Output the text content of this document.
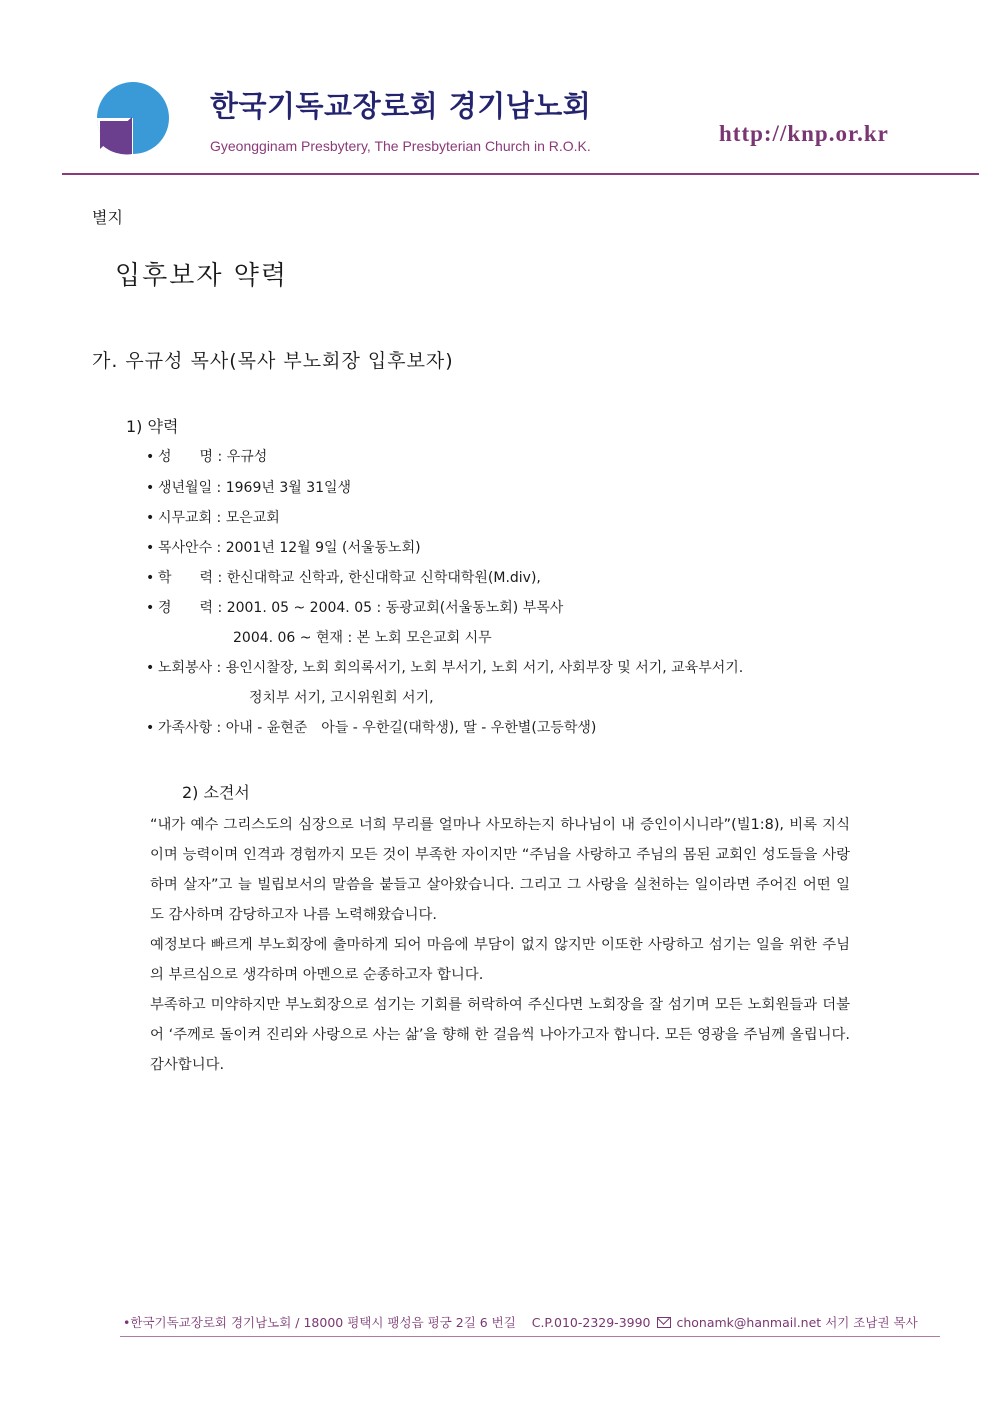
한국기독교장로회 경기남노회
Gyeongginam Presbytery, The Presbyterian Church in R.O.K.	http://knp.or.kr
별지
입후보자 약력
가. 우규성 목사(목사 부노회장 입후보자)
1) 약력
• 성　　명 : 우규성
• 생년월일 : 1969년 3월 31일생
• 시무교회 : 모은교회
• 목사안수 : 2001년 12월 9일 (서울동노회)
• 학　　력 : 한신대학교 신학과, 한신대학교 신학대학원(M.div),
• 경　　력 : 2001. 05 ~ 2004. 05 : 동광교회(서울동노회) 부목사
2004. 06 ~ 현재 : 본 노회 모은교회 시무
• 노회봉사 : 용인시찰장, 노회 회의록서기, 노회 부서기, 노회 서기, 사회부장 및 서기, 교육부서기.
정치부 서기, 고시위원회 서기,
• 가족사항 : 아내 - 윤현준　아들 - 우한길(대학생), 딸 - 우한별(고등학생)
2) 소견서

“내가 예수 그리스도의 심장으로 너희 무리를 얼마나 사모하는지 하나님이 내 증인이시니라”(빌1:8), 비록 지식이며 능력이며 인격과 경험까지 모든 것이 부족한 자이지만 “주님을 사랑하고 주님의 몸된 교회인 성도들을 사랑하며 살자”고 늘 빌립보서의 말씀을 붙들고 살아왔습니다. 그리고 그 사랑을 실천하는 일이라면 주어진 어떤 일도 감사하며 감당하고자 나름 노력해왔습니다.

예정보다 빠르게 부노회장에 출마하게 되어 마음에 부담이 없지 않지만 이또한 사랑하고 섬기는 일을 위한 주님의 부르심으로 생각하며 아멘으로 순종하고자 합니다.

부족하고 미약하지만 부노회장으로 섬기는 기회를 허락하여 주신다면 노회장을 잘 섬기며 모든 노회원들과 더불어 ‘주께로 돌이켜 진리와 사랑으로 사는 삶’을 향해 한 걸음씩 나아가고자 합니다. 모든 영광을 주님께 올립니다. 감사합니다.

•한국기독교장로회 경기남노회 / 18000 평택시 팽성읍 평궁 2길 6 번길 C.P.010-2329-3990 chonamk@hanmail.net 서기 조남권 목사
